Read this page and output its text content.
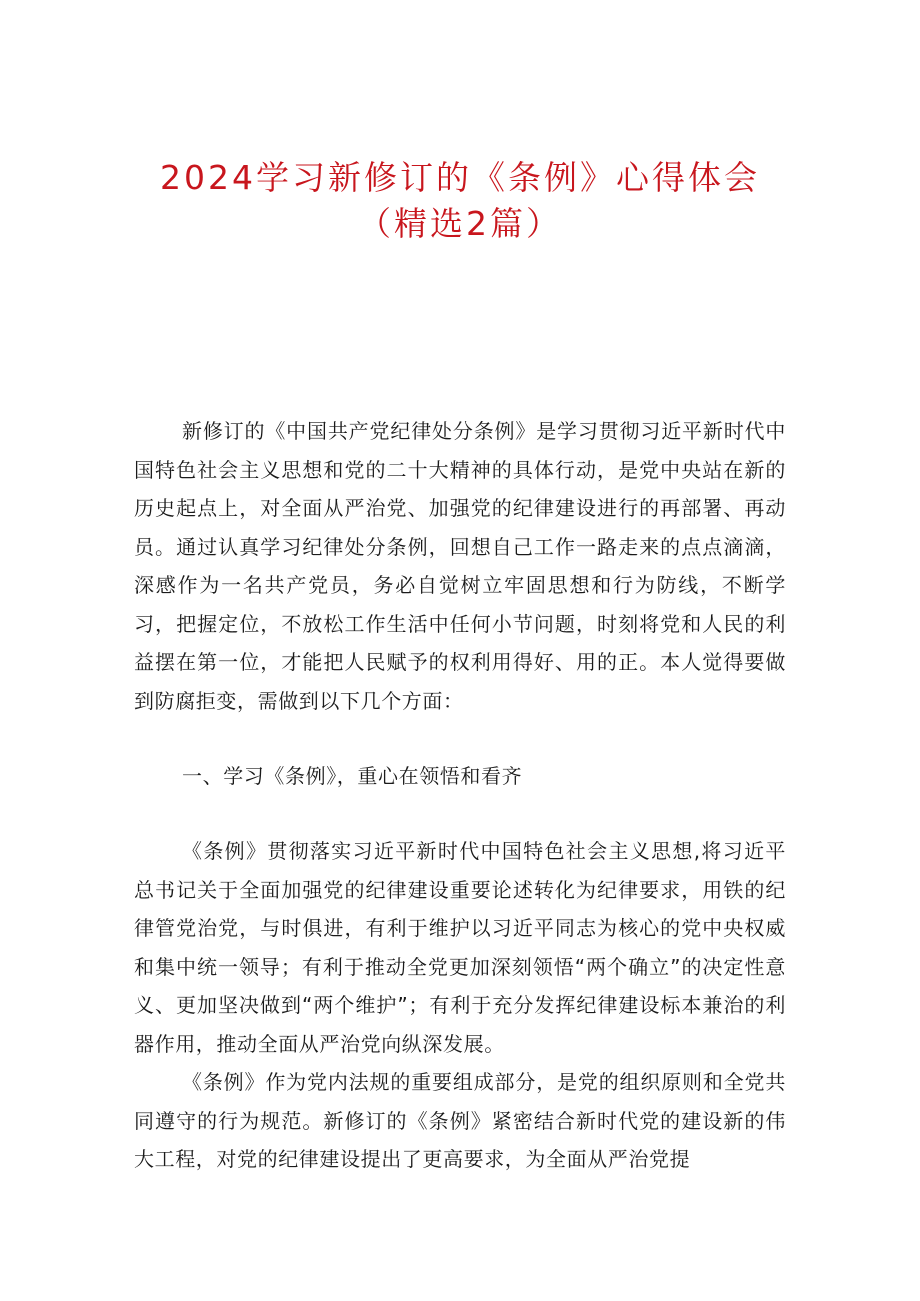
2024学习新修订的《条例》心得体会
（精选2篇）

新修订的《中国共产党纪律处分条例》是学习贯彻习近平新时代中国特色社会主义思想和党的二十大精神的具体行动，是党中央站在新的历史起点上，对全面从严治党、加强党的纪律建设进行的再部署、再动员。通过认真学习纪律处分条例，回想自己工作一路走来的点点滴滴，深感作为一名共产党员，务必自觉树立牢固思想和行为防线，不断学习，把握定位，不放松工作生活中任何小节问题，时刻将党和人民的利益摆在第一位，才能把人民赋予的权利用得好、用的正。本人觉得要做到防腐拒变，需做到以下几个方面：

一、学习《条例》，重心在领悟和看齐

《条例》贯彻落实习近平新时代中国特色社会主义思想,将习近平总书记关于全面加强党的纪律建设重要论述转化为纪律要求，用铁的纪律管党治党，与时俱进，有利于维护以习近平同志为核心的党中央权威和集中统一领导；有利于推动全党更加深刻领悟“两个确立”的决定性意义、更加坚决做到“两个维护”；有利于充分发挥纪律建设标本兼治的利器作用，推动全面从严治党向纵深发展。

《条例》作为党内法规的重要组成部分，是党的组织原则和全党共同遵守的行为规范。新修订的《条例》紧密结合新时代党的建设新的伟大工程，对党的纪律建设提出了更高要求，为全面从严治党提
